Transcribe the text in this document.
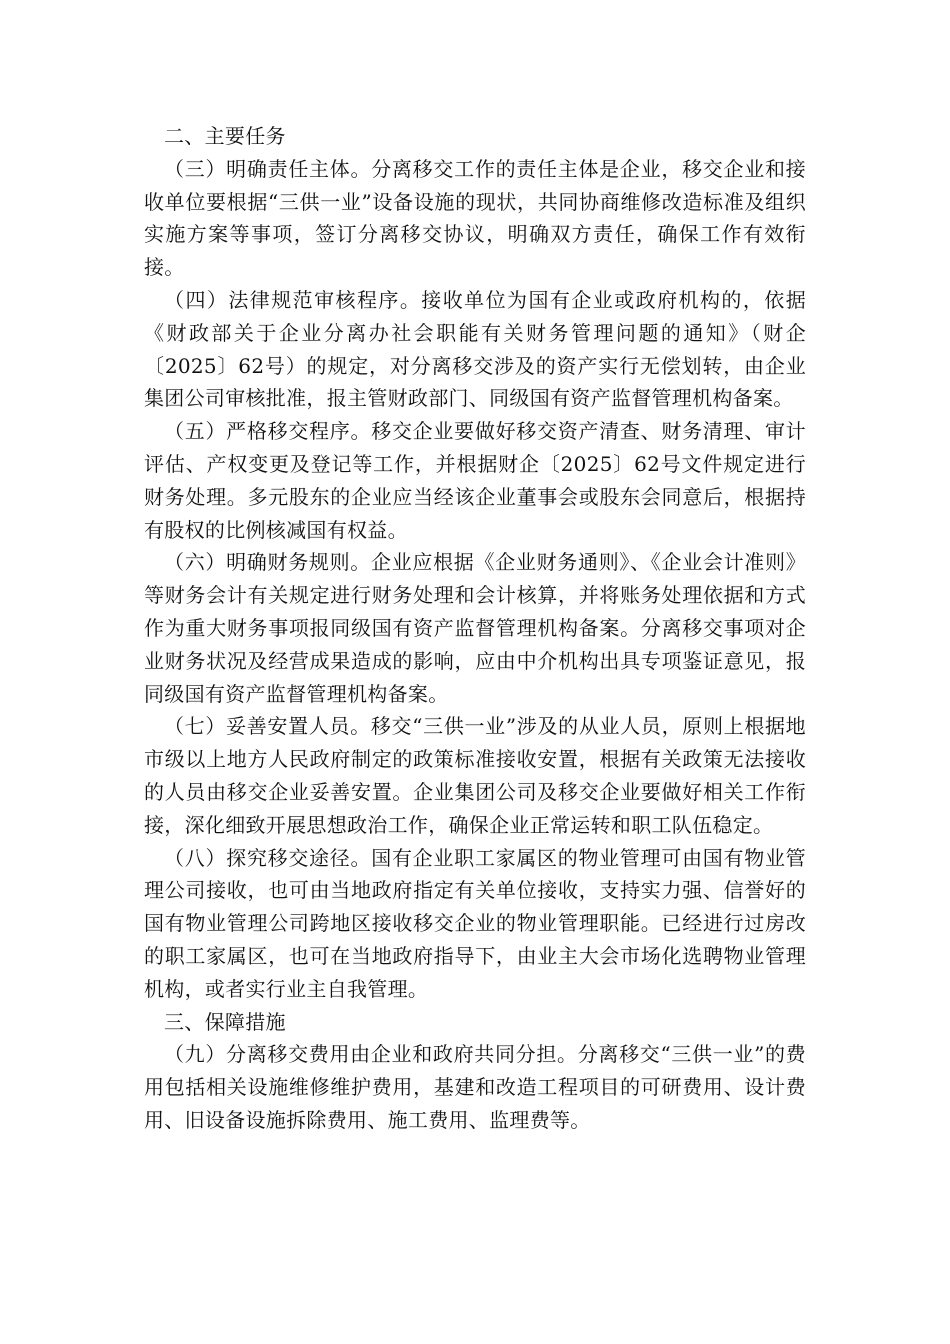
二、主要任务

（三）明确责任主体。分离移交工作的责任主体是企业，移交企业和接收单位要根据“三供一业”设备设施的现状，共同协商维修改造标准及组织实施方案等事项，签订分离移交协议，明确双方责任，确保工作有效衔接。

（四）法律规范审核程序。接收单位为国有企业或政府机构的，依据《财政部关于企业分离办社会职能有关财务管理问题的通知》（财企〔2025〕62号）的规定，对分离移交涉及的资产实行无偿划转，由企业集团公司审核批准，报主管财政部门、同级国有资产监督管理机构备案。

（五）严格移交程序。移交企业要做好移交资产清查、财务清理、审计评估、产权变更及登记等工作，并根据财企〔2025〕62号文件规定进行财务处理。多元股东的企业应当经该企业董事会或股东会同意后，根据持有股权的比例核减国有权益。

（六）明确财务规则。企业应根据《企业财务通则》、《企业会计准则》等财务会计有关规定进行财务处理和会计核算，并将账务处理依据和方式作为重大财务事项报同级国有资产监督管理机构备案。分离移交事项对企业财务状况及经营成果造成的影响，应由中介机构出具专项鉴证意见，报同级国有资产监督管理机构备案。

（七）妥善安置人员。移交“三供一业”涉及的从业人员，原则上根据地市级以上地方人民政府制定的政策标准接收安置，根据有关政策无法接收的人员由移交企业妥善安置。企业集团公司及移交企业要做好相关工作衔接，深化细致开展思想政治工作，确保企业正常运转和职工队伍稳定。

（八）探究移交途径。国有企业职工家属区的物业管理可由国有物业管理公司接收，也可由当地政府指定有关单位接收，支持实力强、信誉好的国有物业管理公司跨地区接收移交企业的物业管理职能。已经进行过房改的职工家属区，也可在当地政府指导下，由业主大会市场化选聘物业管理机构，或者实行业主自我管理。

三、保障措施

（九）分离移交费用由企业和政府共同分担。分离移交“三供一业”的费用包括相关设施维修维护费用，基建和改造工程项目的可研费用、设计费用、旧设备设施拆除费用、施工费用、监理费等。
